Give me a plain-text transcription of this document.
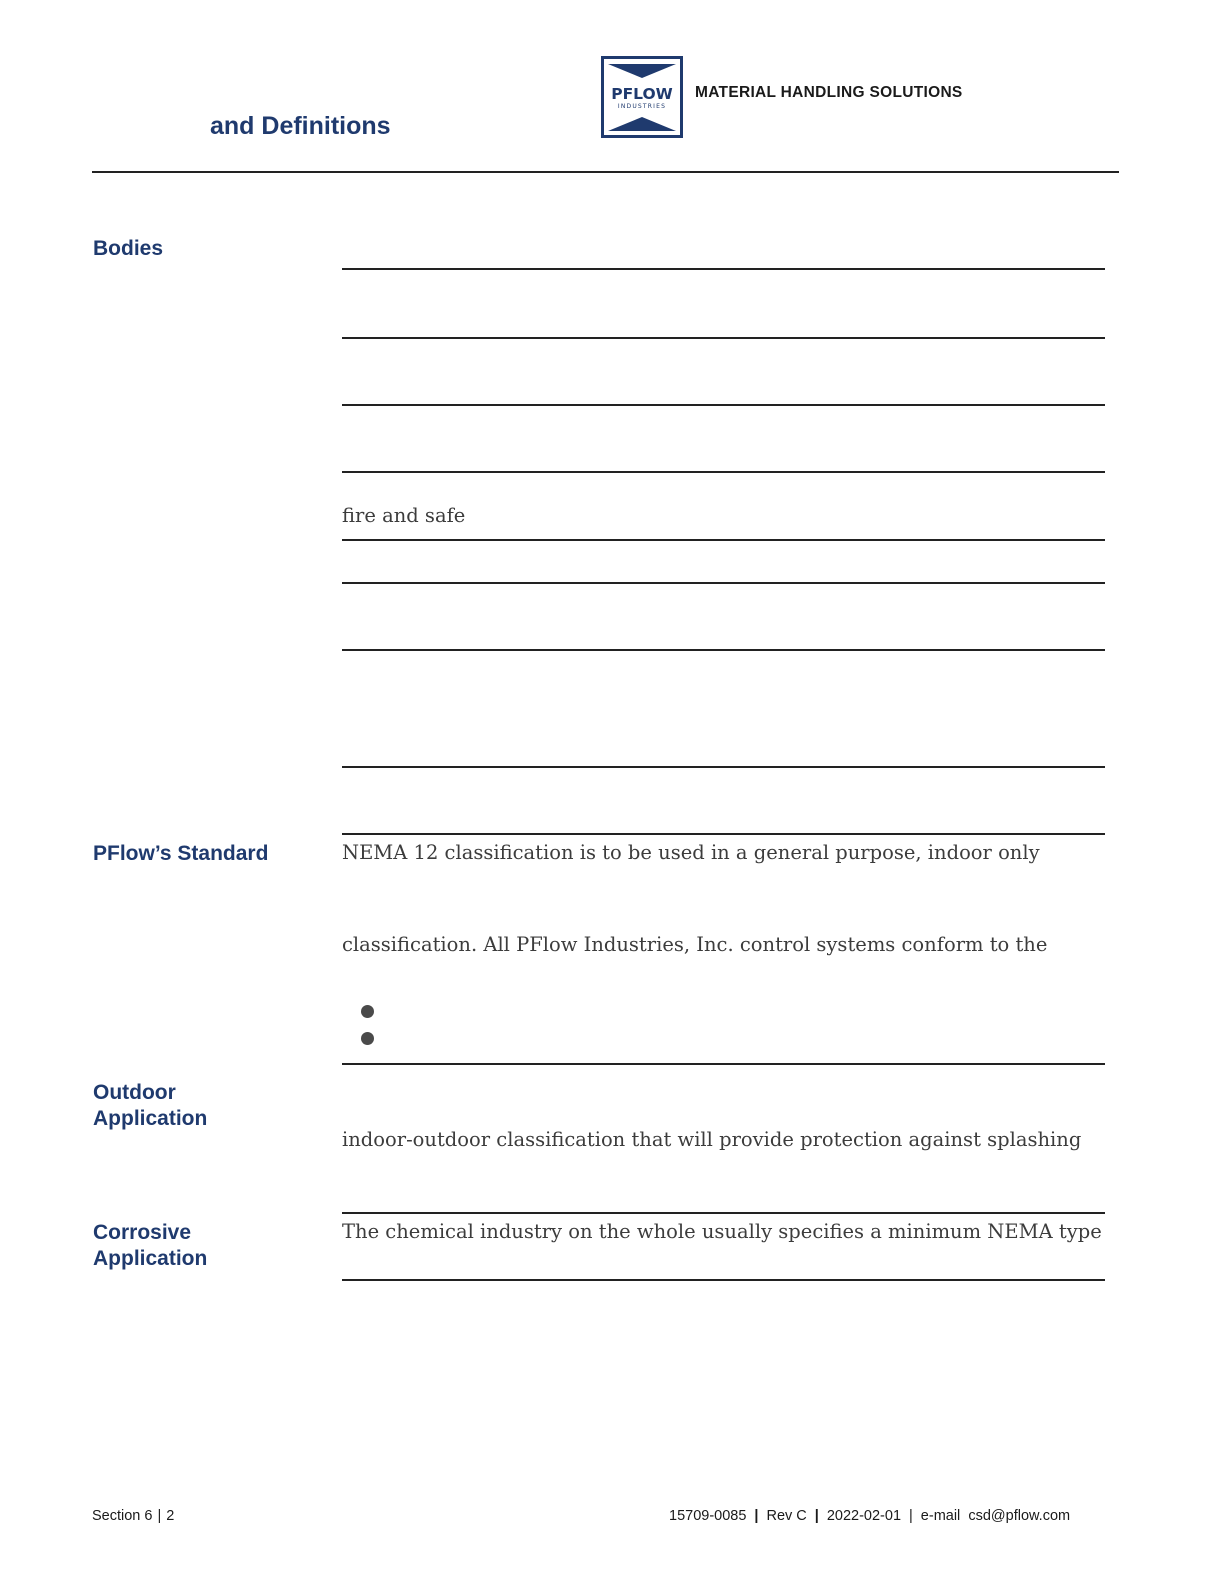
and Definitions
PFLOW
INDUSTRIES
MATERIAL HANDLING SOLUTIONS
Bodies
PFlow’s Standard
Outdoor
Application
Corrosive
Application
fire and safe
NEMA 12 classification is to be used in a general purpose, indoor only
classification. All PFlow Industries, Inc. control systems conform to the
indoor-outdoor classification that will provide protection against splashing
The chemical industry on the whole usually specifies a minimum NEMA type
Section 6 | 2	15709-0085 | Rev C | 2022-02-01 | e-mail csd@pflow.com
